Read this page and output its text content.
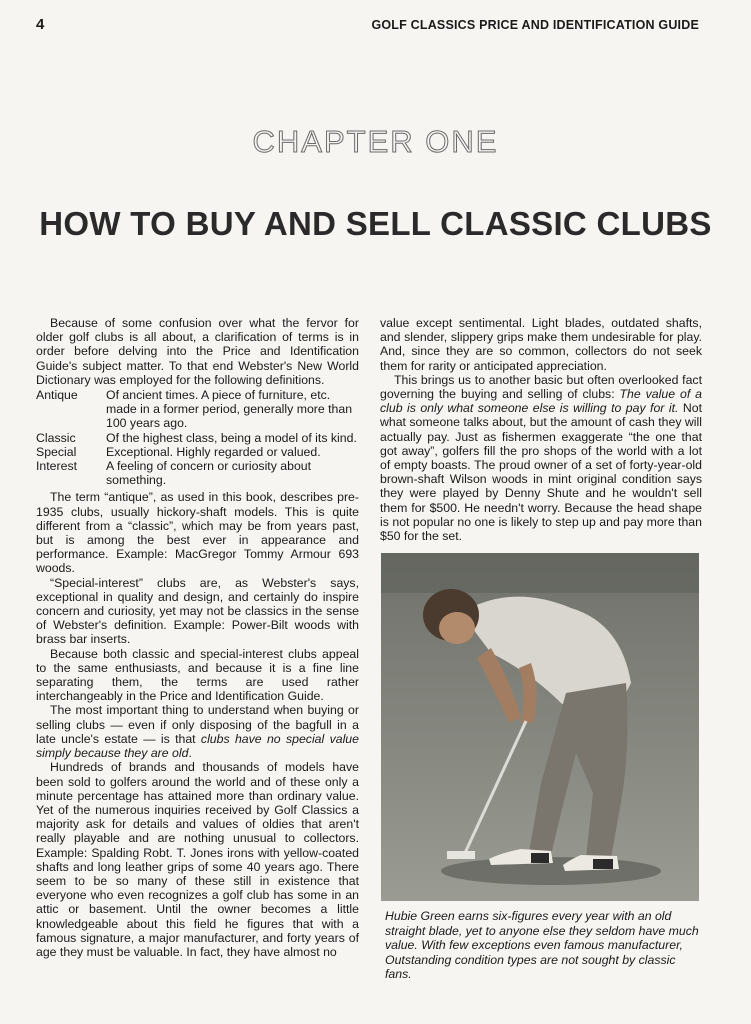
4	GOLF CLASSICS PRICE AND IDENTIFICATION GUIDE
CHAPTER ONE
HOW TO BUY AND SELL CLASSIC CLUBS

Because of some confusion over what the fervor for older golf clubs is all about, a clarification of terms is in order before delving into the Price and Identification Guide's subject matter. To that end Webster's New World Dictionary was employed for the following definitions.

Antique	Of ancient times. A piece of furniture, etc. made in a former period, generally more than 100 years ago.
Classic	Of the highest class, being a model of its kind.
Special	Exceptional. Highly regarded or valued.
Interest	A feeling of concern or curiosity about something.

The term “antique”, as used in this book, describes pre-1935 clubs, usually hickory-shaft models. This is quite different from a “classic”, which may be from years past, but is among the best ever in appearance and performance. Example: MacGregor Tommy Armour 693 woods.

“Special-interest” clubs are, as Webster's says, exceptional in quality and design, and certainly do inspire concern and curiosity, yet may not be classics in the sense of Webster's definition. Example: Power-Bilt woods with brass bar inserts.

Because both classic and special-interest clubs appeal to the same enthusiasts, and because it is a fine line separating them, the terms are used rather interchangeably in the Price and Identification Guide.

The most important thing to understand when buying or selling clubs — even if only disposing of the bagfull in a late uncle's estate — is that clubs have no special value simply because they are old.

Hundreds of brands and thousands of models have been sold to golfers around the world and of these only a minute percentage has attained more than ordinary value. Yet of the numerous inquiries received by Golf Classics a majority ask for details and values of oldies that aren't really playable and are nothing unusual to collectors. Example: Spalding Robt. T. Jones irons with yellow-coated shafts and long leather grips of some 40 years ago. There seem to be so many of these still in existence that everyone who even recognizes a golf club has some in an attic or basement. Until the owner becomes a little knowledgeable about this field he figures that with a famous signature, a major manufacturer, and forty years of age they must be valuable. In fact, they have almost no

value except sentimental. Light blades, outdated shafts, and slender, slippery grips make them undesirable for play. And, since they are so common, collectors do not seek them for rarity or anticipated appreciation.

This brings us to another basic but often overlooked fact governing the buying and selling of clubs: The value of a club is only what someone else is willing to pay for it. Not what someone talks about, but the amount of cash they will actually pay. Just as fishermen exaggerate “the one that got away”, golfers fill the pro shops of the world with a lot of empty boasts. The proud owner of a set of forty-year-old brown-shaft Wilson woods in mint original condition says they were played by Denny Shute and he wouldn't sell them for $500. He needn't worry. Because the head shape is not popular no one is likely to step up and pay more than $50 for the set.

Hubie Green earns six-figures every year with an old straight blade, yet to anyone else they seldom have much value. With few exceptions even famous manufacturer, Outstanding condition types are not sought by classic fans.
